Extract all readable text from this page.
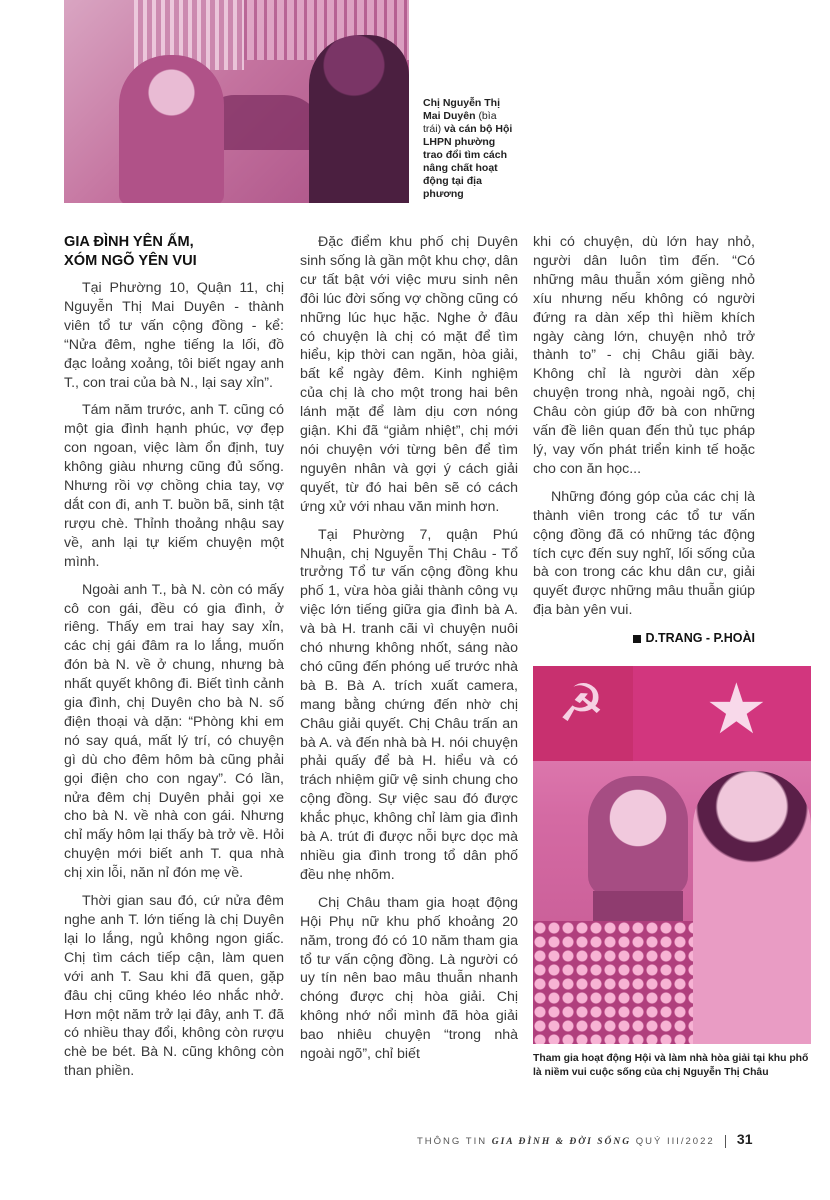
Chị Nguyễn Thị Mai Duyên (bìa trái) và cán bộ Hội LHPN phường trao đổi tìm cách nâng chất hoạt động tại địa phương
GIA ĐÌNH YÊN ẤM,
XÓM NGÕ YÊN VUI

Tại Phường 10, Quận 11, chị Nguyễn Thị Mai Duyên - thành viên tổ tư vấn cộng đồng - kể: “Nửa đêm, nghe tiếng la lối, đồ đạc loảng xoảng, tôi biết ngay anh T., con trai của bà N., lại say xỉn”.

Tám năm trước, anh T. cũng có một gia đình hạnh phúc, vợ đẹp con ngoan, việc làm ổn định, tuy không giàu nhưng cũng đủ sống. Nhưng rồi vợ chồng chia tay, vợ dắt con đi, anh T. buồn bã, sinh tật rượu chè. Thỉnh thoảng nhậu say về, anh lại tự kiếm chuyện một mình.

Ngoài anh T., bà N. còn có mấy cô con gái, đều có gia đình, ở riêng. Thấy em trai hay say xỉn, các chị gái đâm ra lo lắng, muốn đón bà N. về ở chung, nhưng bà nhất quyết không đi. Biết tình cảnh gia đình, chị Duyên cho bà N. số điện thoại và dặn: “Phòng khi em nó say quá, mất lý trí, có chuyện gì dù cho đêm hôm bà cũng phải gọi điện cho con ngay”. Có lần, nửa đêm chị Duyên phải gọi xe cho bà N. về nhà con gái. Nhưng chỉ mấy hôm lại thấy bà trở về. Hỏi chuyện mới biết anh T. qua nhà chị xin lỗi, năn nỉ đón mẹ về.

Thời gian sau đó, cứ nửa đêm nghe anh T. lớn tiếng là chị Duyên lại lo lắng, ngủ không ngon giấc. Chị tìm cách tiếp cận, làm quen với anh T. Sau khi đã quen, gặp đâu chị cũng khéo léo nhắc nhở. Hơn một năm trở lại đây, anh T. đã có nhiều thay đổi, không còn rượu chè be bét. Bà N. cũng không còn than phiền.

Đặc điểm khu phố chị Duyên sinh sống là gần một khu chợ, dân cư tất bật với việc mưu sinh nên đôi lúc đời sống vợ chồng cũng có những lúc hục hặc. Nghe ở đâu có chuyện là chị có mặt để tìm hiểu, kịp thời can ngăn, hòa giải, bất kể ngày đêm. Kinh nghiệm của chị là cho một trong hai bên lánh mặt để làm dịu cơn nóng giận. Khi đã “giảm nhiệt”, chị mới nói chuyện với từng bên để tìm nguyên nhân và gợi ý cách giải quyết, từ đó hai bên sẽ có cách ứng xử với nhau văn minh hơn.

Tại Phường 7, quận Phú Nhuận, chị Nguyễn Thị Châu - Tổ trưởng Tổ tư vấn cộng đồng khu phố 1, vừa hòa giải thành công vụ việc lớn tiếng giữa gia đình bà A. và bà H. tranh cãi vì chuyện nuôi chó nhưng không nhốt, sáng nào chó cũng đến phóng uế trước nhà bà B. Bà A. trích xuất camera, mang bằng chứng đến nhờ chị Châu giải quyết. Chị Châu trấn an bà A. và đến nhà bà H. nói chuyện phải quấy để bà H. hiểu và có trách nhiệm giữ vệ sinh chung cho cộng đồng. Sự việc sau đó được khắc phục, không chỉ làm gia đình bà A. trút đi được nỗi bực dọc mà nhiều gia đình trong tổ dân phố đều nhẹ nhõm.

Chị Châu tham gia hoạt động Hội Phụ nữ khu phố khoảng 20 năm, trong đó có 10 năm tham gia tổ tư vấn cộng đồng. Là người có uy tín nên bao mâu thuẫn nhanh chóng được chị hòa giải. Chị không nhớ nổi mình đã hòa giải bao nhiêu chuyện “trong nhà ngoài ngõ”, chỉ biết

khi có chuyện, dù lớn hay nhỏ, người dân luôn tìm đến. “Có những mâu thuẫn xóm giềng nhỏ xíu nhưng nếu không có người đứng ra dàn xếp thì hiềm khích ngày càng lớn, chuyện nhỏ trở thành to” - chị Châu giãi bày. Không chỉ là người dàn xếp chuyện trong nhà, ngoài ngõ, chị Châu còn giúp đỡ bà con những vấn đề liên quan đến thủ tục pháp lý, vay vốn phát triển kinh tế hoặc cho con ăn học...

Những đóng góp của các chị là thành viên trong các tổ tư vấn cộng đồng đã có những tác động tích cực đến suy nghĩ, lối sống của bà con trong các khu dân cư, giải quyết được những mâu thuẫn giúp địa bàn yên vui.

D.TRANG - P.HOÀI
☭ ★
Tham gia hoạt động Hội và làm nhà hòa giải tại khu phố là niềm vui cuộc sống của chị Nguyễn Thị Châu
THÔNG TIN GIA ĐÌNH & ĐỜI SỐNG QUÝ III/2022 31
